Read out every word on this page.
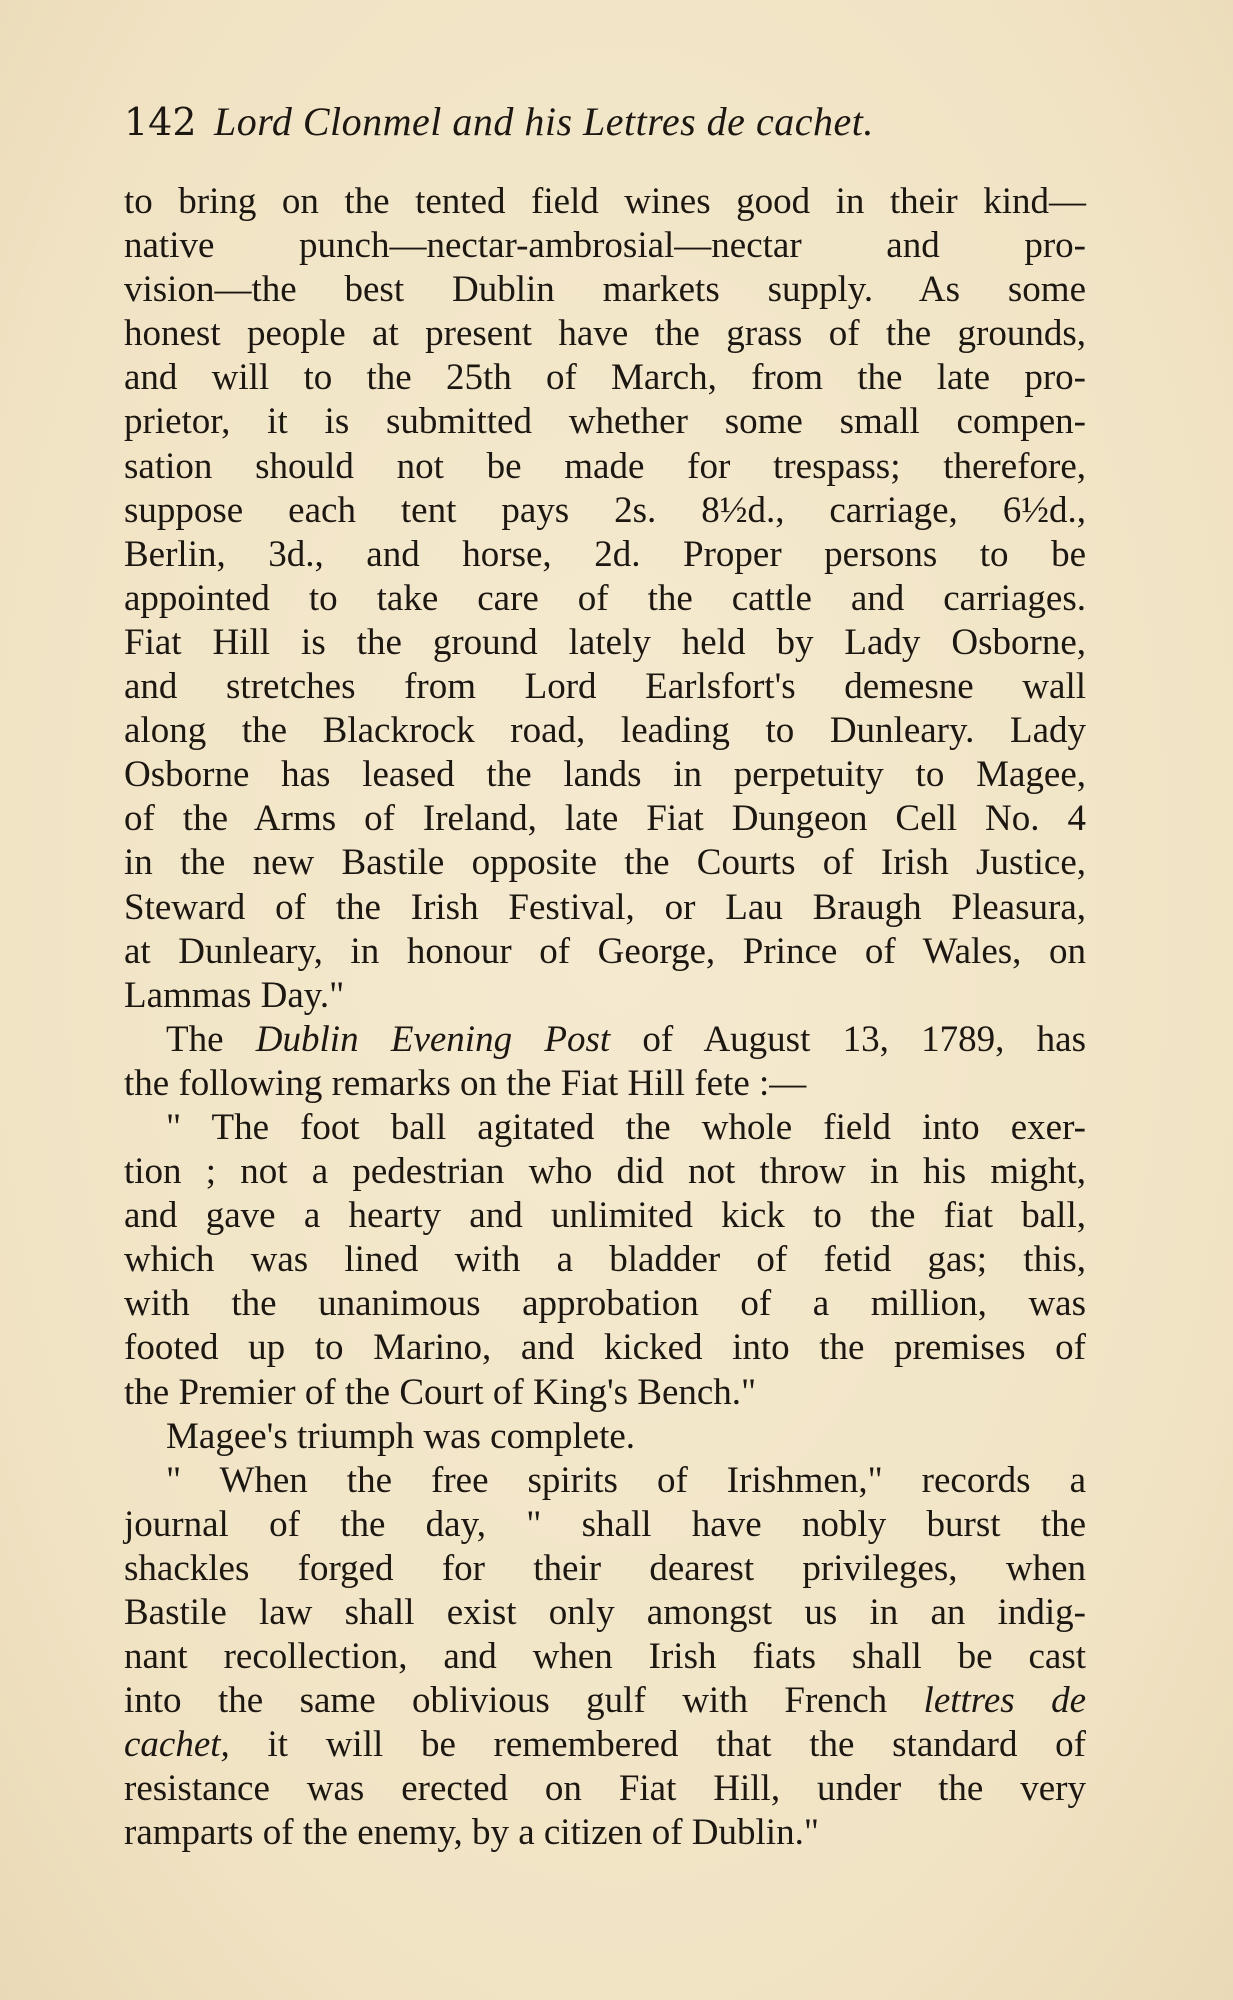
142 Lord Clonmel and his Lettres de cachet.
to bring on the tented field wines good in their kind—
native punch—nectar-ambrosial—nectar and pro-
vision—the best Dublin markets supply. As some
honest people at present have the grass of the grounds,
and will to the 25th of March, from the late pro-
prietor, it is submitted whether some small compen-
sation should not be made for trespass; therefore,
suppose each tent pays 2s. 8½d., carriage, 6½d.,
Berlin, 3d., and horse, 2d. Proper persons to be
appointed to take care of the cattle and carriages.
Fiat Hill is the ground lately held by Lady Osborne,
and stretches from Lord Earlsfort's demesne wall
along the Blackrock road, leading to Dunleary. Lady
Osborne has leased the lands in perpetuity to Magee,
of the Arms of Ireland, late Fiat Dungeon Cell No. 4
in the new Bastile opposite the Courts of Irish Justice,
Steward of the Irish Festival, or Lau Braugh Pleasura,
at Dunleary, in honour of George, Prince of Wales, on
Lammas Day."
The Dublin Evening Post of August 13, 1789, has
the following remarks on the Fiat Hill fete :—
" The foot ball agitated the whole field into exer-
tion ; not a pedestrian who did not throw in his might,
and gave a hearty and unlimited kick to the fiat ball,
which was lined with a bladder of fetid gas; this,
with the unanimous approbation of a million, was
footed up to Marino, and kicked into the premises of
the Premier of the Court of King's Bench."
Magee's triumph was complete.
" When the free spirits of Irishmen," records a
journal of the day, " shall have nobly burst the
shackles forged for their dearest privileges, when
Bastile law shall exist only amongst us in an indig-
nant recollection, and when Irish fiats shall be cast
into the same oblivious gulf with French lettres de
cachet, it will be remembered that the standard of
resistance was erected on Fiat Hill, under the very
ramparts of the enemy, by a citizen of Dublin."
